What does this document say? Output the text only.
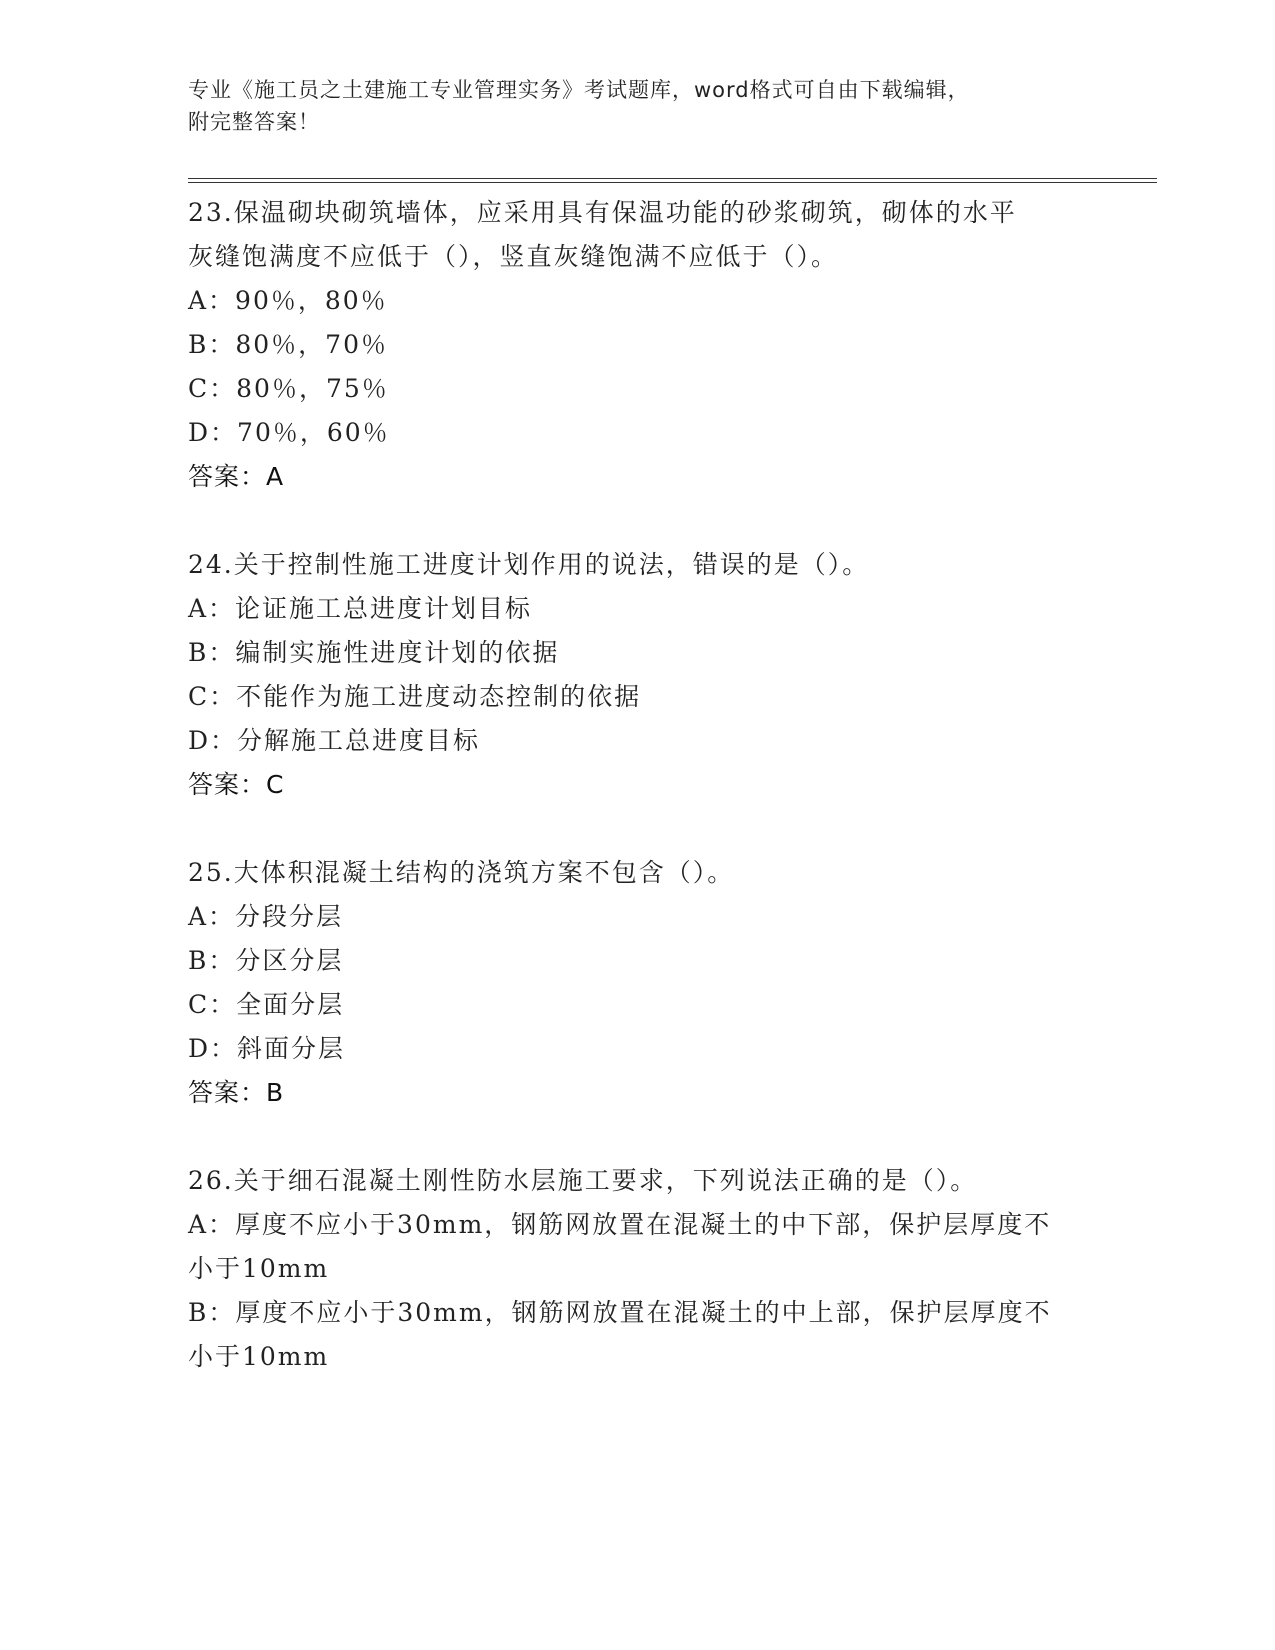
专业《施工员之土建施工专业管理实务》考试题库，word格式可自由下载编辑，
附完整答案！
23.保温砌块砌筑墙体，应采用具有保温功能的砂浆砌筑，砌体的水平
灰缝饱满度不应低于（），竖直灰缝饱满不应低于（）。
A：90％，80％
B：80％，70％
C：80％，75％
D：70％，60％
答案：A
24.关于控制性施工进度计划作用的说法，错误的是（）。
A：论证施工总进度计划目标
B：编制实施性进度计划的依据
C：不能作为施工进度动态控制的依据
D：分解施工总进度目标
答案：C
25.大体积混凝土结构的浇筑方案不包含（）。
A：分段分层
B：分区分层
C：全面分层
D：斜面分层
答案：B
26.关于细石混凝土刚性防水层施工要求，下列说法正确的是（）。
A：厚度不应小于30mm，钢筋网放置在混凝土的中下部，保护层厚度不
小于10mm
B：厚度不应小于30mm，钢筋网放置在混凝土的中上部，保护层厚度不
小于10mm
